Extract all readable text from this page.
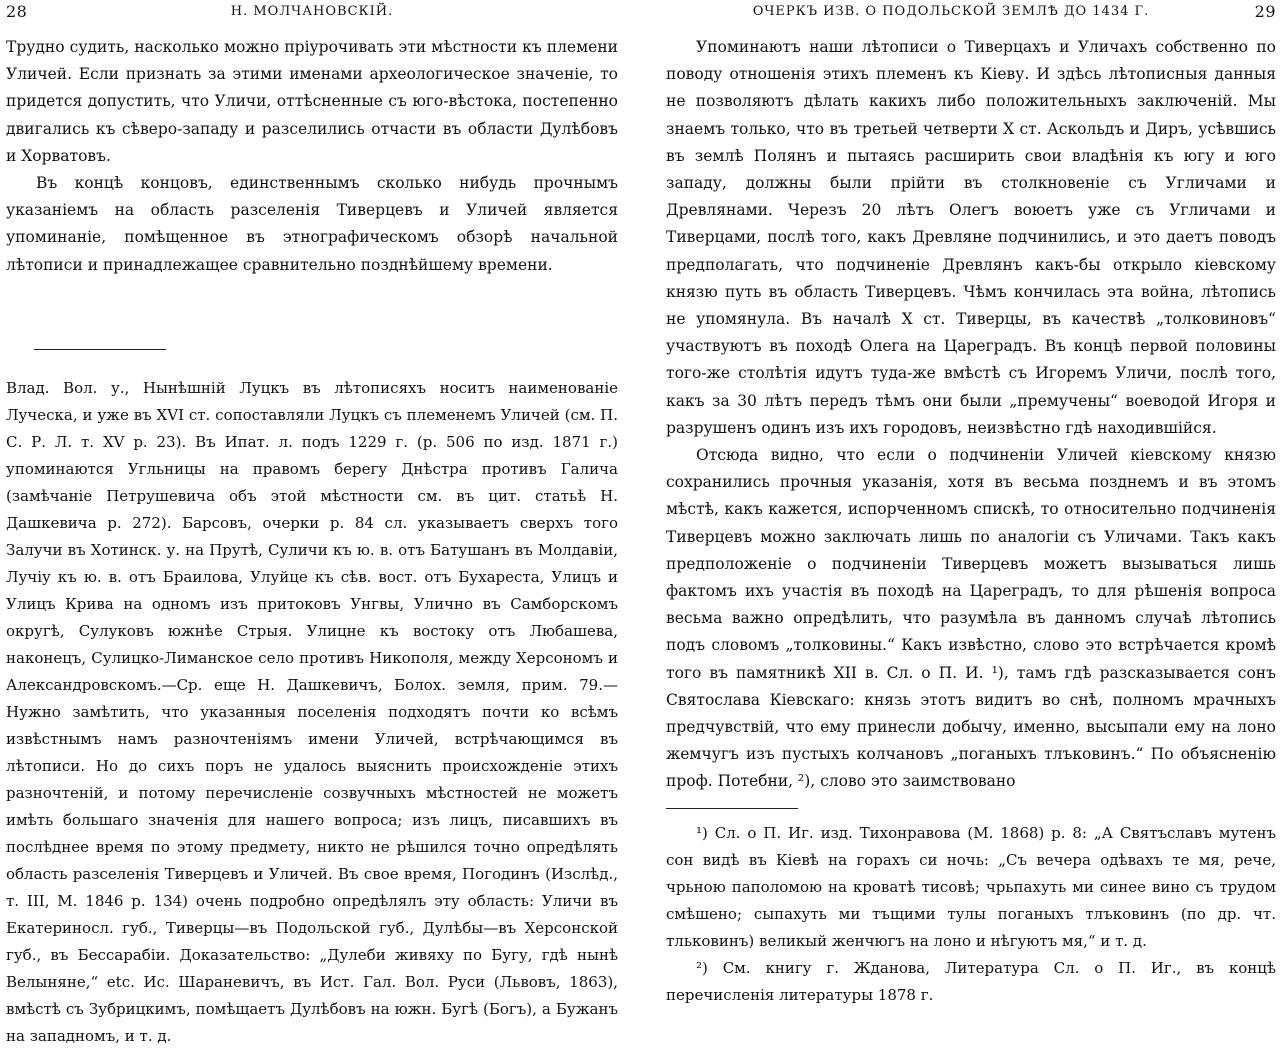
28	Н. МОЛЧАНОВСКІЙ.

Трудно судить, насколько можно пріурочивать эти мѣстности къ племени Уличей. Если признать за этими именами археологическое значеніе, то придется допустить, что Уличи, оттѣсненные съ юго-вѣстока, постепенно двигались къ сѣверо-западу и разселились отчасти въ области Дулѣбовъ и Хорватовъ.

Въ концѣ концовъ, единственнымъ сколько нибудь прочнымъ указаніемъ на область разселенія Тиверцевъ и Уличей является упоминаніе, помѣщенное въ этнографическомъ обзорѣ начальной лѣтописи и принадлежащее сравнительно позднѣйшему времени.

Влад. Вол. у., Нынѣшній Луцкъ въ лѣтописяхъ носитъ наименованіе Луческа, и уже въ XVI ст. сопоставляли Луцкъ съ племенемъ Уличей (см. П. С. Р. Л. т. XV р. 23). Въ Ипат. л. подъ 1229 г. (р. 506 по изд. 1871 г.) упоминаются Угльницы на правомъ берегу Днѣстра противъ Галича (замѣчаніе Петрушевича объ этой мѣстности см. въ цит. статьѣ Н. Дашкевича р. 272). Барсовъ, очерки р. 84 сл. указываетъ сверхъ того Залучи въ Хотинск. у. на Прутѣ, Суличи къ ю. в. отъ Батушанъ въ Молдавіи, Лучіу къ ю. в. отъ Браилова, Улуйце къ сѣв. вост. отъ Бухареста, Улицъ и Улицъ Крива на одномъ изъ притоковъ Унгвы, Улично въ Самборскомъ округѣ, Сулуковъ южнѣе Стрыя. Улицне къ востоку отъ Любашева, наконецъ, Сулицко-Лиманское село противъ Никополя, между Херсономъ и Александровскомъ.—Ср. еще Н. Дашкевичъ, Болох. земля, прим. 79.— Нужно замѣтить, что указанныя поселенія подходятъ почти ко всѣмъ извѣстнымъ намъ разночтеніямъ имени Уличей, встрѣчающимся въ лѣтописи. Но до сихъ поръ не удалось выяснить происхожденіе этихъ разночтеній, и потому перечисленіе созвучныхъ мѣстностей не можетъ имѣть большаго значенія для нашего вопроса; изъ лицъ, писавшихъ въ послѣднее время по этому предмету, никто не рѣшился точно опредѣлять область разселенія Тиверцевъ и Уличей. Въ свое время, Погодинъ (Изслѣд., т. III, М. 1846 р. 134) очень подробно опредѣлялъ эту область: Уличи въ Екатериносл. губ., Тиверцы—въ Подольской губ., Дулѣбы—въ Херсонской губ., въ Бессарабіи. Доказательство: „Дулеби живяху по Бугу, гдѣ нынѣ Велыняне,“ etc. Ис. Шараневичъ, въ Ист. Гал. Вол. Руси (Львовъ, 1863), вмѣстѣ съ Зубрицкимъ, помѣщаетъ Дулѣбовъ на южн. Бугѣ (Богъ), а Бужанъ на западномъ, и т. д.

ОЧЕРКЪ ИЗВ. О ПОДОЛЬСКОЙ ЗЕМЛѢ ДО 1434 Г.	29

Упоминаютъ наши лѣтописи о Тиверцахъ и Уличахъ собственно по поводу отношенія этихъ племенъ къ Кіеву. И здѣсь лѣтописныя данныя не позволяютъ дѣлать какихъ либо положительныхъ заключеній. Мы знаемъ только, что въ третьей четверти X ст. Аскольдъ и Диръ, усѣвшись въ землѣ Полянъ и пытаясь расширить свои владѣнія къ югу и юго западу, должны были прійти въ столкновеніе съ Угличами и Древлянами. Черезъ 20 лѣтъ Олегъ воюетъ уже съ Угличами и Тиверцами, послѣ того, какъ Древляне подчинились, и это даетъ поводъ предполагать, что подчиненіе Древлянъ какъ-бы открыло кіевскому князю путь въ область Тиверцевъ. Чѣмъ кончилась эта война, лѣтопись не упомянула. Въ началѣ X ст. Тиверцы, въ качествѣ „толковиновъ“ участвуютъ въ походѣ Олега на Цареградъ. Въ концѣ первой половины того-же столѣтія идутъ туда-же вмѣстѣ съ Игоремъ Уличи, послѣ того, какъ за 30 лѣтъ передъ тѣмъ они были „премучены“ воеводой Игоря и разрушенъ одинъ изъ ихъ городовъ, неизвѣстно гдѣ находившійся.

Отсюда видно, что если о подчиненіи Уличей кіевскому князю сохранились прочныя указанія, хотя въ весьма позднемъ и въ этомъ мѣстѣ, какъ кажется, испорченномъ спискѣ, то относительно подчиненія Тиверцевъ можно заключать лишь по аналогіи съ Уличами. Такъ какъ предположеніе о подчиненіи Тиверцевъ можетъ вызываться лишь фактомъ ихъ участія въ походѣ на Цареградъ, то для рѣшенія вопроса весьма важно опредѣлить, что разумѣла въ данномъ случаѣ лѣтопись подъ словомъ „толковины.“ Какъ извѣстно, слово это встрѣчается кромѣ того въ памятникѣ XII в. Сл. о П. И. ¹), тамъ гдѣ разсказывается сонъ Святослава Кіевскаго: князь этотъ видитъ во снѣ, полномъ мрачныхъ предчувствій, что ему принесли добычу, именно, высыпали ему на лоно жемчугъ изъ пустыхъ колчановъ „поганыхъ тлъковинъ.“ По объясненію проф. Потебни, ²), слово это заимствовано

¹) Сл. о П. Иг. изд. Тихонравова (М. 1868) р. 8: „А Святъславъ мутенъ сон видѣ въ Кіевѣ на горахъ си ночь: „Съ вечера одѣвахъ те мя, рече, чрьною паполомою на кроватѣ тисовѣ; чрьпахуть ми синее вино съ трудом смѣшено; сыпахуть ми тъщими тулы поганыхъ тлъковинъ (по др. чт. тльковинъ) великый женчюгъ на лоно и нѣгуютъ мя,“ и т. д.

²) См. книгу г. Жданова, Литература Сл. о П. Иг., въ концѣ перечисленія литературы 1878 г.
